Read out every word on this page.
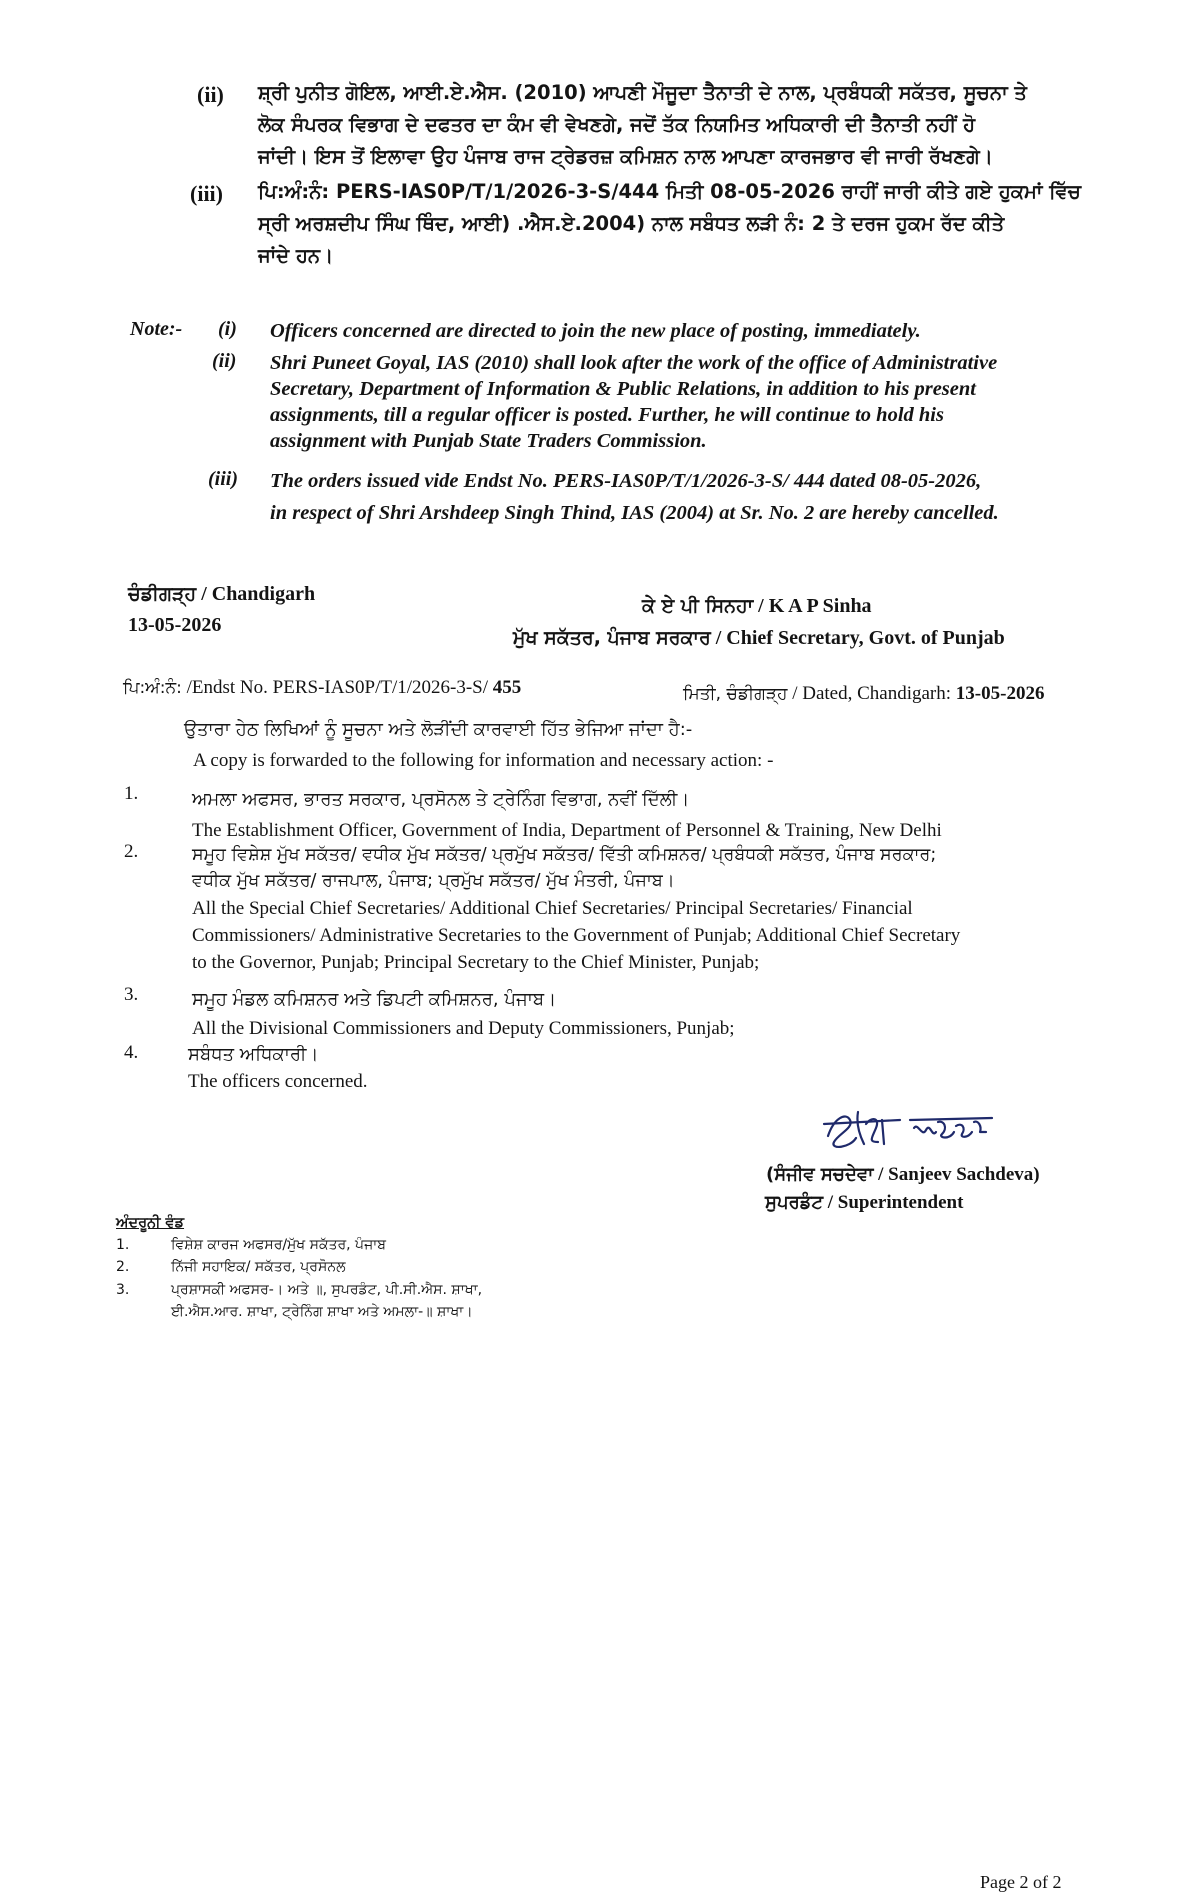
(ii) ਸ਼੍ਰੀ ਪੁਨੀਤ ਗੋਇਲ, ਆਈ.ਏ.ਐਸ. (2010) ਆਪਣੀ ਮੌਜੂਦਾ ਤੈਨਾਤੀ ਦੇ ਨਾਲ, ਪ੍ਰਬੰਧਕੀ ਸਕੱਤਰ, ਸੂਚਨਾ ਤੇ
ਲੋਕ ਸੰਪਰਕ ਵਿਭਾਗ ਦੇ ਦਫਤਰ ਦਾ ਕੰਮ ਵੀ ਵੇਖਣਗੇ, ਜਦੋਂ ਤੱਕ ਨਿਯਮਿਤ ਅਧਿਕਾਰੀ ਦੀ ਤੈਨਾਤੀ ਨਹੀਂ ਹੋ
ਜਾਂਦੀ। ਇਸ ਤੋਂ ਇਲਾਵਾ ਉਹ ਪੰਜਾਬ ਰਾਜ ਟ੍ਰੇਡਰਜ਼ ਕਮਿਸ਼ਨ ਨਾਲ ਆਪਣਾ ਕਾਰਜਭਾਰ ਵੀ ਜਾਰੀ ਰੱਖਣਗੇ।
(iii) ਪਿ:ਅੰ:ਨੰ: PERS-IAS0P/T/1/2026-3-S/444 ਮਿਤੀ 08-05-2026 ਰਾਹੀਂ ਜਾਰੀ ਕੀਤੇ ਗਏ ਹੁਕਮਾਂ ਵਿੱਚ
ਸ੍ਰੀ ਅਰਸ਼ਦੀਪ ਸਿੰਘ ਥਿੰਦ, ਆਈ) .ਐਸ.ਏ.2004) ਨਾਲ ਸਬੰਧਤ ਲੜੀ ਨੰ: 2 ਤੇ ਦਰਜ ਹੁਕਮ ਰੱਦ ਕੀਤੇ
ਜਾਂਦੇ ਹਨ।
Note:- (i) Officers concerned are directed to join the new place of posting, immediately.
(ii) Shri Puneet Goyal, IAS (2010) shall look after the work of the office of Administrative
Secretary, Department of Information & Public Relations, in addition to his present
assignments, till a regular officer is posted. Further, he will continue to hold his
assignment with Punjab State Traders Commission.
(iii) The orders issued vide Endst No. PERS-IAS0P/T/1/2026-3-S/ 444 dated 08-05-2026,
in respect of Shri Arshdeep Singh Thind, IAS (2004) at Sr. No. 2 are hereby cancelled.
ਚੰਡੀਗੜ੍ਹ / Chandigarh
13-05-2026
ਕੇ ਏ ਪੀ ਸਿਨਹਾ / K A P Sinha
ਮੁੱਖ ਸਕੱਤਰ, ਪੰਜਾਬ ਸਰਕਾਰ / Chief Secretary, Govt. of Punjab
ਪਿ:ਅੰ:ਨੰ: /Endst No. PERS-IAS0P/T/1/2026-3-S/ 455	ਮਿਤੀ, ਚੰਡੀਗੜ੍ਹ / Dated, Chandigarh: 13-05-2026
ਉਤਾਰਾ ਹੇਠ ਲਿਖਿਆਂ ਨੂੰ ਸੂਚਨਾ ਅਤੇ ਲੋੜੀਂਦੀ ਕਾਰਵਾਈ ਹਿੱਤ ਭੇਜਿਆ ਜਾਂਦਾ ਹੈ:-
A copy is forwarded to the following for information and necessary action: -
1.	ਅਮਲਾ ਅਫਸਰ, ਭਾਰਤ ਸਰਕਾਰ, ਪ੍ਰਸੋਨਲ ਤੇ ਟ੍ਰੇਨਿੰਗ ਵਿਭਾਗ, ਨਵੀਂ ਦਿੱਲੀ।
The Establishment Officer, Government of India, Department of Personnel & Training, New Delhi
2.	ਸਮੂਹ ਵਿਸ਼ੇਸ਼ ਮੁੱਖ ਸਕੱਤਰ/ ਵਧੀਕ ਮੁੱਖ ਸਕੱਤਰ/ ਪ੍ਰਮੁੱਖ ਸਕੱਤਰ/ ਵਿੱਤੀ ਕਮਿਸ਼ਨਰ/ ਪ੍ਰਬੰਧਕੀ ਸਕੱਤਰ, ਪੰਜਾਬ ਸਰਕਾਰ;
ਵਧੀਕ ਮੁੱਖ ਸਕੱਤਰ/ ਰਾਜਪਾਲ, ਪੰਜਾਬ; ਪ੍ਰਮੁੱਖ ਸਕੱਤਰ/ ਮੁੱਖ ਮੰਤਰੀ, ਪੰਜਾਬ।
All the Special Chief Secretaries/ Additional Chief Secretaries/ Principal Secretaries/ Financial
Commissioners/ Administrative Secretaries to the Government of Punjab; Additional Chief Secretary
to the Governor, Punjab; Principal Secretary to the Chief Minister, Punjab;
3.	ਸਮੂਹ ਮੰਡਲ ਕਮਿਸ਼ਨਰ ਅਤੇ ਡਿਪਟੀ ਕਮਿਸ਼ਨਰ, ਪੰਜਾਬ।
All the Divisional Commissioners and Deputy Commissioners, Punjab;
4.	ਸਬੰਧਤ ਅਧਿਕਾਰੀ।
The officers concerned.
(ਸੰਜੀਵ ਸਚਦੇਵਾ / Sanjeev Sachdeva)
ਸੁਪਰਡੰਟ / Superintendent
ਅੰਦਰੂਨੀ ਵੰਡ
1.	ਵਿਸ਼ੇਸ਼ ਕਾਰਜ ਅਫਸਰ/ਮੁੱਖ ਸਕੱਤਰ, ਪੰਜਾਬ
2.	ਨਿੱਜੀ ਸਹਾਇਕ/ ਸਕੱਤਰ, ਪ੍ਰਸੋਨਲ
3.	ਪ੍ਰਸ਼ਾਸਕੀ ਅਫਸਰ-। ਅਤੇ ॥, ਸੁਪਰਡੰਟ, ਪੀ.ਸੀ.ਐਸ. ਸ਼ਾਖਾ,
ਈ.ਐਸ.ਆਰ. ਸ਼ਾਖਾ, ਟ੍ਰੇਨਿੰਗ ਸ਼ਾਖਾ ਅਤੇ ਅਮਲਾ-॥ ਸ਼ਾਖਾ।
Page 2 of 2
